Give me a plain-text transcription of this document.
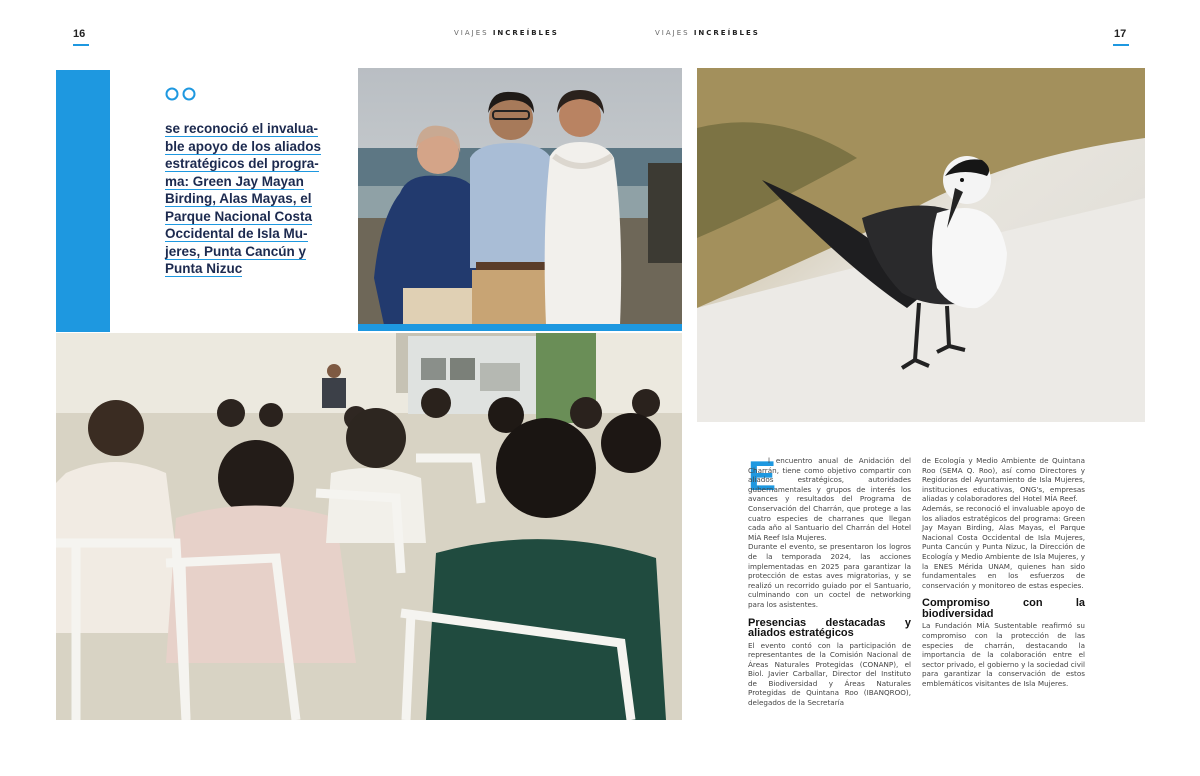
16	17
VIAJES INCREÍBLES	VIAJES INCREÍBLES

se reconoció el invalua-
ble apoyo de los aliados
estratégicos del progra-
ma: Green Jay Mayan
Birding, Alas Mayas, el
Parque Nacional Costa
Occidental de Isla Mu-
jeres, Punta Cancún y
Punta Nizuc

E

l encuentro anual de Anidación del Charrán, tiene como objetivo compartir con aliados estratégicos, autoridades gubernamentales y grupos de interés los avances y resultados del Programa de Conservación del Charrán, que protege a las cuatro especies de charranes que llegan cada año al Santuario del Charrán del Hotel MÍA Reef Isla Mujeres.

Durante el evento, se presentaron los logros de la temporada 2024, las acciones implementadas en 2025 para garantizar la protección de estas aves migratorias, y se realizó un recorrido guiado por el Santuario, culminando con un coctel de networking para los asistentes.

Presencias destacadas y aliados estratégicos

El evento contó con la participación de representantes de la Comisión Nacional de Áreas Naturales Protegidas (CONANP), el Biol. Javier Carballar, Director del Instituto de Biodiversidad y Áreas Naturales Protegidas de Quintana Roo (IBANQROO), delegados de la Secretaría

de Ecología y Medio Ambiente de Quintana Roo (SEMA Q. Roo), así como Directores y Regidoras del Ayuntamiento de Isla Mujeres, instituciones educativas, ONG's, empresas aliadas y colaboradores del Hotel MÍA Reef.

Además, se reconoció el invaluable apoyo de los aliados estratégicos del programa: Green Jay Mayan Birding, Alas Mayas, el Parque Nacional Costa Occidental de Isla Mujeres, Punta Cancún y Punta Nizuc, la Dirección de Ecología y Medio Ambiente de Isla Mujeres, y la ENES Mérida UNAM, quienes han sido fundamentales en los esfuerzos de conservación y monitoreo de estas especies.

Compromiso con la biodiversidad

La Fundación MÍA Sustentable reafirmó su compromiso con la protección de las especies de charrán, destacando la importancia de la colaboración entre el sector privado, el gobierno y la sociedad civil para garantizar la conservación de estos emblemáticos visitantes de Isla Mujeres.
